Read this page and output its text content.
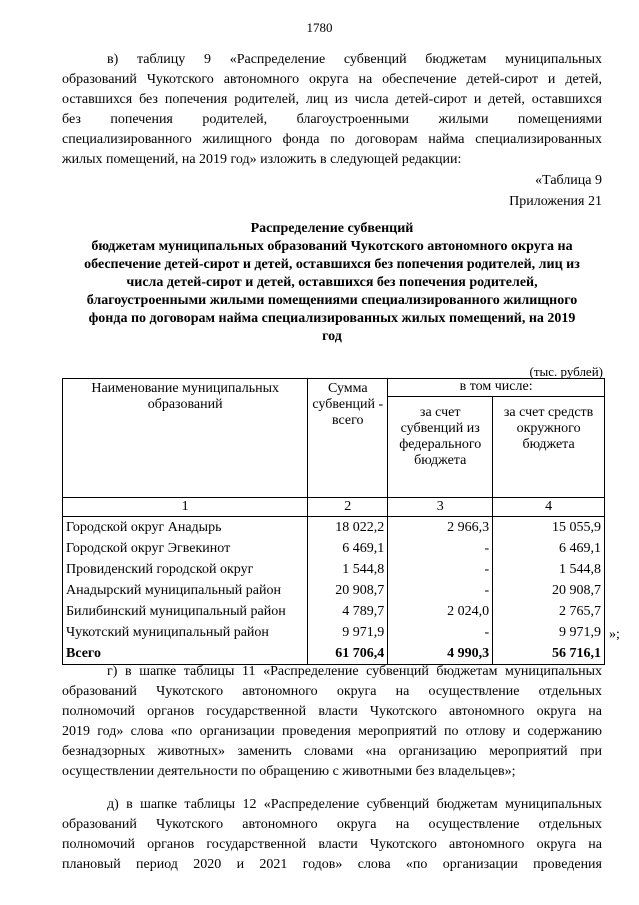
1780
в) таблицу 9 «Распределение субвенций бюджетам муниципальных
образований Чукотского автономного округа на обеспечение детей-сирот и детей,
оставшихся без попечения родителей, лиц из числа детей-сирот и детей, оставшихся
без попечения родителей, благоустроенными жилыми помещениями
специализированного жилищного фонда по договорам найма специализированных
жилых помещений, на 2019 год» изложить в следующей редакции:
«Таблица 9
Приложения 21
Распределение субвенций
бюджетам муниципальных образований Чукотского автономного округа на
обеспечение детей-сирот и детей, оставшихся без попечения родителей, лиц из
числа детей-сирот и детей, оставшихся без попечения родителей,
благоустроенными жилыми помещениями специализированного жилищного
фонда по договорам найма специализированных жилых помещений, на 2019
год
(тыс. рублей)
Наименование муниципальных образований	Сумма субвенций - всего	в том числе:	
		за счет субвенций из федерального бюджета	за счет средств окружного бюджета
1	2	3	4
Городской округ Анадырь	18 022,2	2 966,3	15 055,9
Городской округ Эгвекинот	6 469,1	-	6 469,1
Провиденский городской округ	1 544,8	-	1 544,8
Анадырский муниципальный район	20 908,7	-	20 908,7
Билибинский муниципальный район	4 789,7	2 024,0	2 765,7
Чукотский муниципальный район	9 971,9	-	9 971,9
Всего	61 706,4	4 990,3	56 716,1
»;
г) в шапке таблицы 11 «Распределение субвенций бюджетам муниципальных
образований Чукотского автономного округа на осуществление отдельных
полномочий органов государственной власти Чукотского автономного округа на
2019 год» слова «по организации проведения мероприятий по отлову и содержанию
безнадзорных животных» заменить словами «на организацию мероприятий при
осуществлении деятельности по обращению с животными без владельцев»;
д) в шапке таблицы 12 «Распределение субвенций бюджетам муниципальных
образований Чукотского автономного округа на осуществление отдельных
полномочий органов государственной власти Чукотского автономного округа на
плановый период 2020 и 2021 годов» слова «по организации проведения
